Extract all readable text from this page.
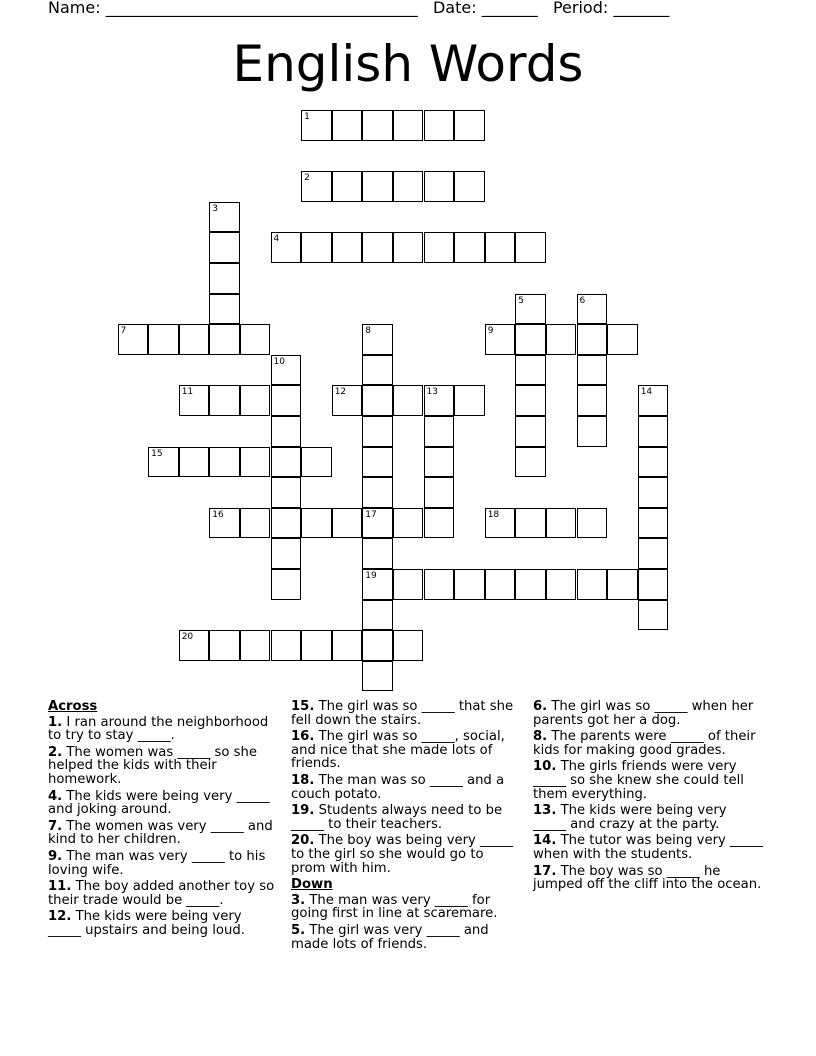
Name: _______________________________________ Date: _______ Period: _______
English Words
1
2
3
4
5	6
7	8	9
10
11	12	13	14
15
16	17
19
18
20
Across
1. I ran around the neighborhood to try to stay _____.
2. The women was _____ so she helped the kids with their homework.
4. The kids were being very _____ and joking around.
7. The women was very _____ and kind to her children.
9. The man was very _____ to his loving wife.
11. The boy added another toy so their trade would be _____.
12. The kids were being very _____ upstairs and being loud.
15. The girl was so _____ that she fell down the stairs.
16. The girl was so _____, social, and nice that she made lots of friends.
18. The man was so _____ and a couch potato.
19. Students always need to be _____ to their teachers.
20. The boy was being very _____ to the girl so she would go to prom with him.
Down
3. The man was very _____ for going first in line at scaremare.
5. The girl was very _____ and made lots of friends.
6. The girl was so _____ when her parents got her a dog.
8. The parents were _____ of their kids for making good grades.
10. The girls friends were very _____ so she knew she could tell them everything.
13. The kids were being very _____ and crazy at the party.
14. The tutor was being very _____ when with the students.
17. The boy was so _____ he jumped off the cliff into the ocean.
